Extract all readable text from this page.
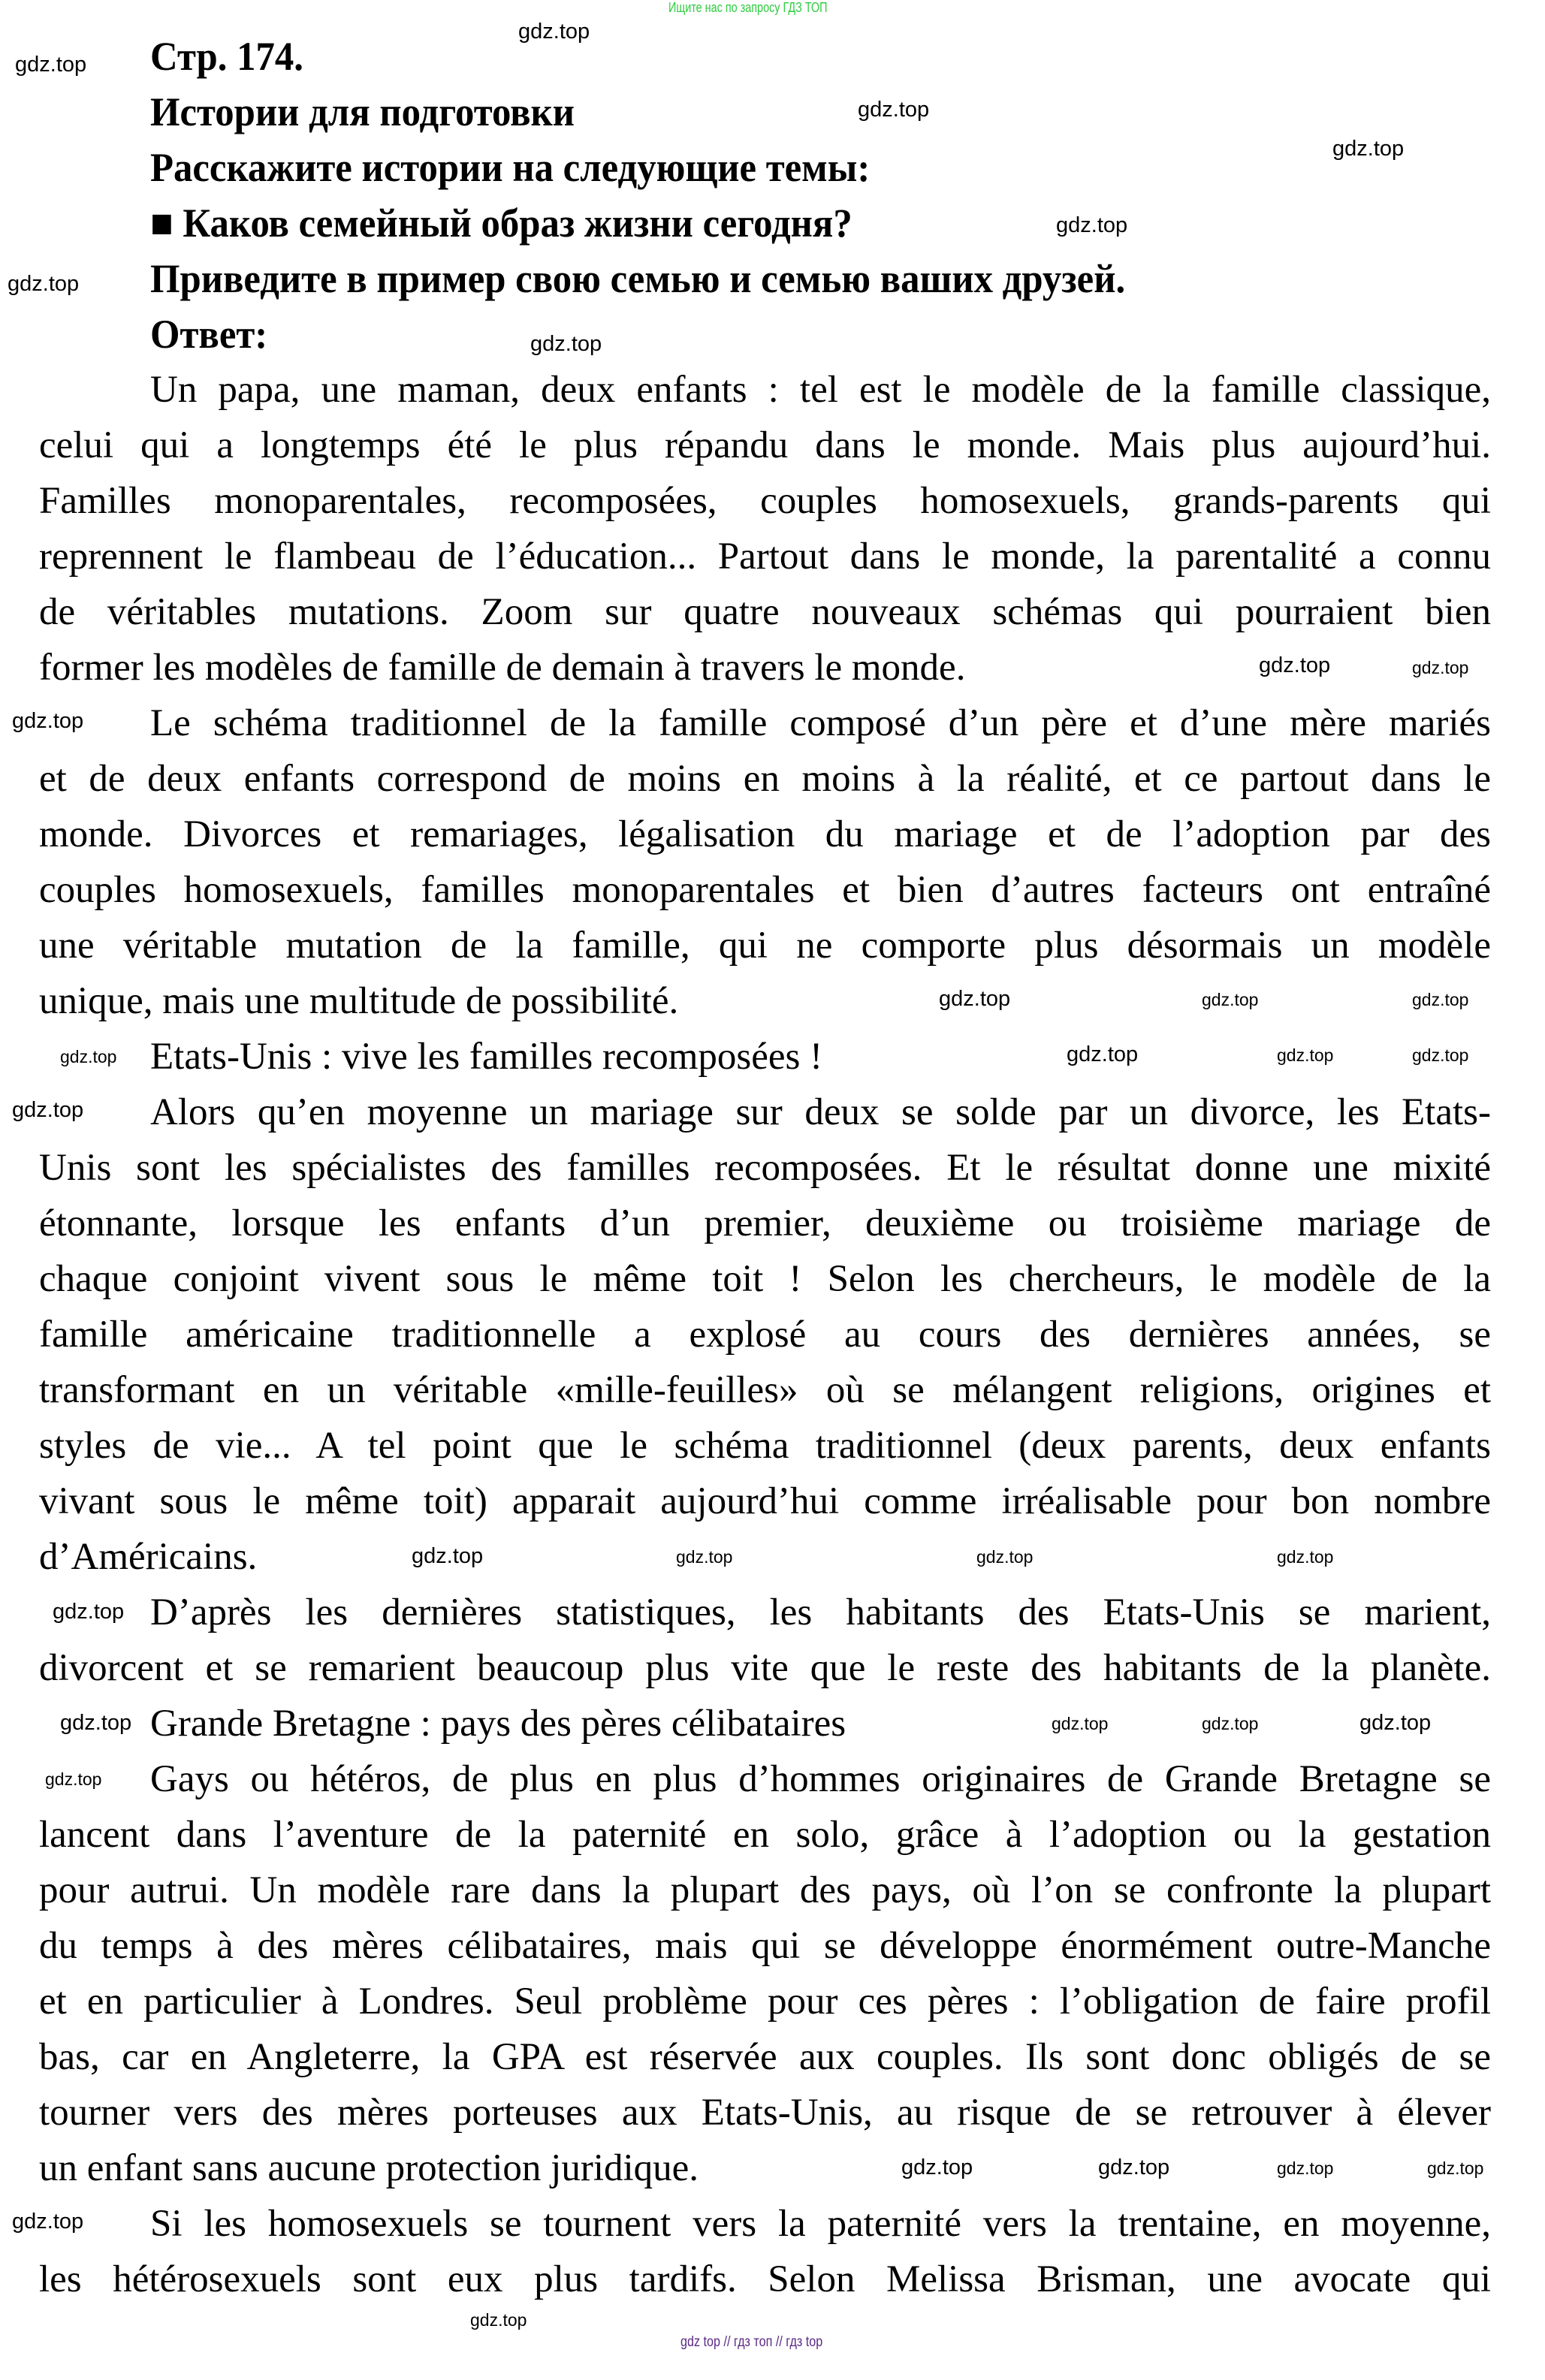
Ищите нас по запросу ГДЗ ТОП
Стр. 174.
Истории для подготовки
Расскажите истории на следующие темы:
■ Каков семейный образ жизни сегодня?
Приведите в пример свою семью и семью ваших друзей.
Ответ:
Un papa, une maman, deux enfants : tel est le modèle de la famille classique,
celui qui a longtemps été le plus répandu dans le monde. Mais plus aujourd’hui.
Familles monoparentales, recomposées, couples homosexuels, grands-parents qui
reprennent le flambeau de l’éducation... Partout dans le monde, la parentalité a connu
de véritables mutations. Zoom sur quatre nouveaux schémas qui pourraient bien
former les modèles de famille de demain à travers le monde.
Le schéma traditionnel de la famille composé d’un père et d’une mère mariés
et de deux enfants correspond de moins en moins à la réalité, et ce partout dans le
monde. Divorces et remariages, légalisation du mariage et de l’adoption par des
couples homosexuels, familles monoparentales et bien d’autres facteurs ont entraîné
une véritable mutation de la famille, qui ne comporte plus désormais un modèle
unique, mais une multitude de possibilité.
Etats-Unis : vive les familles recomposées !
Alors qu’en moyenne un mariage sur deux se solde par un divorce, les Etats-
Unis sont les spécialistes des familles recomposées. Et le résultat donne une mixité
étonnante, lorsque les enfants d’un premier, deuxième ou troisième mariage de
chaque conjoint vivent sous le même toit ! Selon les chercheurs, le modèle de la
famille américaine traditionnelle a explosé au cours des dernières années, se
transformant en un véritable «mille-feuilles» où se mélangent religions, origines et
styles de vie... A tel point que le schéma traditionnel (deux parents, deux enfants
vivant sous le même toit) apparait aujourd’hui comme irréalisable pour bon nombre
d’Américains.
D’après les dernières statistiques, les habitants des Etats-Unis se marient,
divorcent et se remarient beaucoup plus vite que le reste des habitants de la planète.
Grande Bretagne : pays des pères célibataires
Gays ou hétéros, de plus en plus d’hommes originaires de Grande Bretagne se
lancent dans l’aventure de la paternité en solo, grâce à l’adoption ou la gestation
pour autrui. Un modèle rare dans la plupart des pays, où l’on se confronte la plupart
du temps à des mères célibataires, mais qui se développe énormément outre-Manche
et en particulier à Londres. Seul problème pour ces pères : l’obligation de faire profil
bas, car en Angleterre, la GPA est réservée aux couples. Ils sont donc obligés de se
tourner vers des mères porteuses aux Etats-Unis, au risque de se retrouver à élever
un enfant sans aucune protection juridique.
Si les homosexuels se tournent vers la paternité vers la trentaine, en moyenne,
les hétérosexuels sont eux plus tardifs. Selon Melissa Brisman, une avocate qui
gdz.top
gdz.top
gdz.top
gdz.top
gdz.top
gdz.top
gdz.top
gdz.top
gdz.top	gdz.top
gdz.top
gdz.top
gdz.top
gdz.top
gdz.top
gdz.top	gdz.top
gdz.top
gdz.top	gdz.top
gdz.top	gdz.top
gdz.top
gdz.top
gdz.top	gdz.top
gdz.top
gdz.top
gdz.top
gdz.top
gdz.top
gdz.top
gdz.top
gdz.top
gdz top // гдз топ // гдз top
